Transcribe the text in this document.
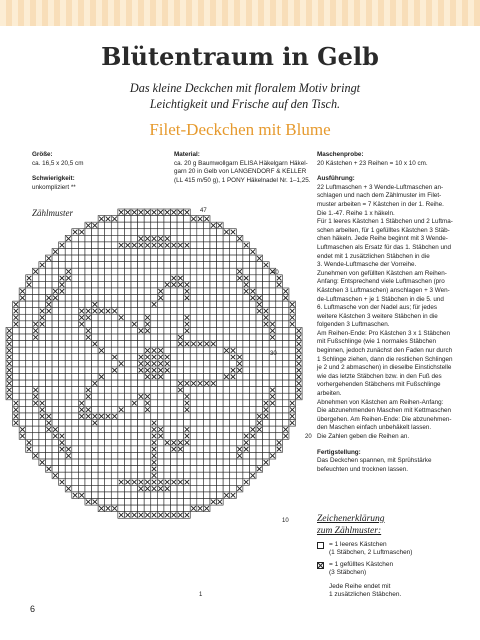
Blütentraum in Gelb
Das kleine Deckchen mit floralem Motiv bringt
Leichtigkeit und Frische auf den Tisch.
Filet-Deckchen mit Blume
Größe:
ca. 16,5 x 20,5 cm
Schwierigkeit:
unkompliziert **
Material:
ca. 20 g Baumwollgarn ELISA Häkelgarn Häkel-
garn 20 in Gelb von LANGENDORF & KELLER
(LL 415 m/50 g), 1 PONY Häkelnadel Nr. 1–1,25.
Maschenprobe:
20 Kästchen + 23 Reihen = 10 x 10 cm.
Ausführung:
22 Luftmaschen + 3 Wende-Luftmaschen an-
schlagen und nach dem Zählmuster im Filet-
muster arbeiten = 7 Kästchen in der 1. Reihe.
Die 1.-47. Reihe 1 x häkeln.
Für 1 leeres Kästchen 1 Stäbchen und 2 Luftma-
schen arbeiten, für 1 gefülltes Kästchen 3 Stäb-
chen häkeln. Jede Reihe beginnt mit 3 Wende-
Luftmaschen als Ersatz für das 1. Stäbchen und
endet mit 1 zusätzlichen Stäbchen in die
3. Wende-Luftmasche der Vorreihe.
Zunehmen von gefüllten Kästchen am Reihen-
Anfang: Entsprechend viele Luftmaschen (pro
Kästchen 3 Luftmaschen) anschlagen + 3 Wen-
de-Luftmaschen + je 1 Stäbchen in die 5. und
6. Luftmasche von der Nadel aus; für jedes
weitere Kästchen 3 weitere Stäbchen in die
folgenden 3 Luftmaschen.
Am Reihen-Ende: Pro Kästchen 3 x 1 Stäbchen
mit Fußschlinge (wie 1 normales Stäbchen
beginnen, jedoch zunächst den Faden nur durch
1 Schlinge ziehen, dann die restlichen Schlingen
je 2 und 2 abmaschen) in dieselbe Einstichstelle
wie das letzte Stäbchen bzw. in den Fuß des
vorhergehenden Stäbchens mit Fußschlinge
arbeiten.
Abnehmen von Kästchen am Reihen-Anfang:
Die abzunehmenden Maschen mit Kettmaschen
übergehen. Am Reihen-Ende: Die abzunehmen-
den Maschen einfach unbehäkelt lassen.
Die Zahlen geben die Reihen an.
Fertigstellung:
Das Deckchen spannen, mit Sprühstärke
befeuchten und trocknen lassen.
Zählmuster	47
40
30
20
10
1
Zeichenerklärung
zum Zählmuster:
= 1 leeres Kästchen
(1 Stäbchen, 2 Luftmaschen)
= 1 gefülltes Kästchen
(3 Stäbchen)
Jede Reihe endet mit
1 zusätzlichen Stäbchen.
6
